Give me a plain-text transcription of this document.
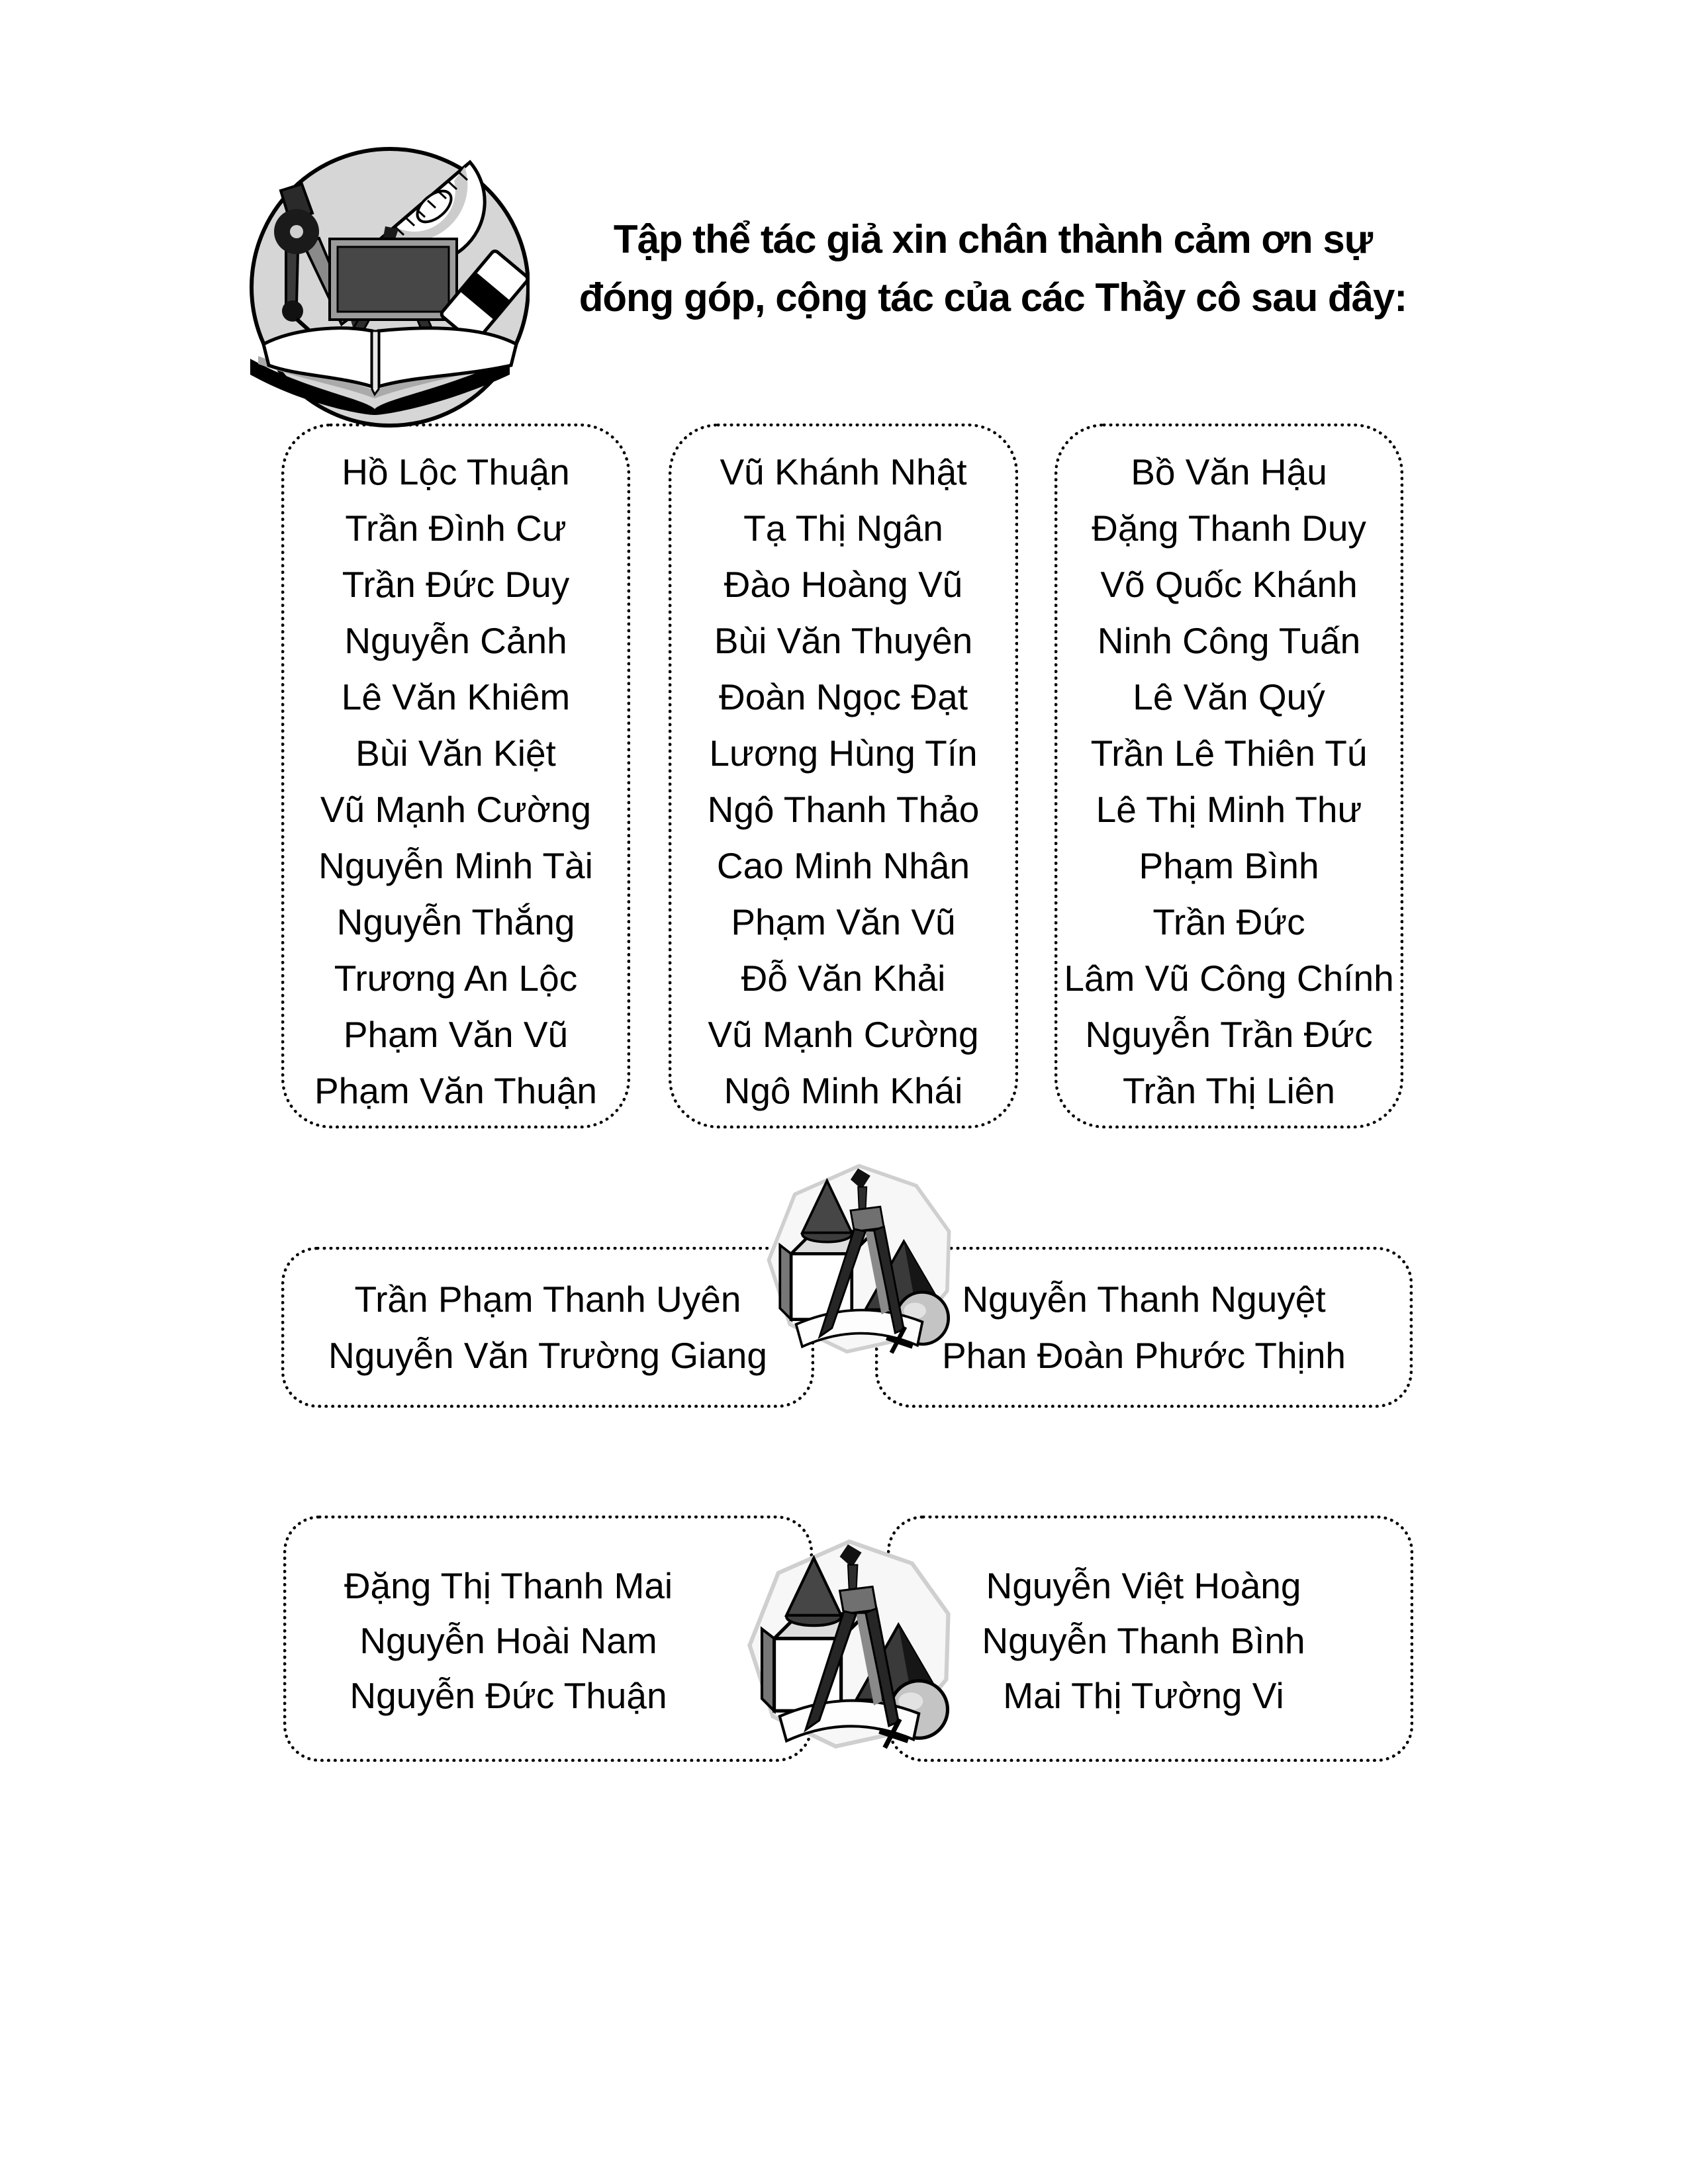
Tập thể tác giả xin chân thành cảm ơn sự
đóng góp, cộng tác của các Thầy cô sau đây:
Hồ Lộc Thuận
Trần Đình Cư
Trần Đức Duy
Nguyễn Cảnh
Lê Văn Khiêm
Bùi Văn Kiệt
Vũ Mạnh Cường
Nguyễn Minh Tài
Nguyễn Thắng
Trương An Lộc
Phạm Văn Vũ
Phạm Văn Thuận
Vũ Khánh Nhật
Tạ Thị Ngân
Đào Hoàng Vũ
Bùi Văn Thuyên
Đoàn Ngọc Đạt
Lương Hùng Tín
Ngô Thanh Thảo
Cao Minh Nhân
Phạm Văn Vũ
Đỗ Văn Khải
Vũ Mạnh Cường
Ngô Minh Khái
Bồ Văn Hậu
Đặng Thanh Duy
Võ Quốc Khánh
Ninh Công Tuấn
Lê Văn Quý
Trần Lê Thiên Tú
Lê Thị Minh Thư
Phạm Bình
Trần Đức
Lâm Vũ Công Chính
Nguyễn Trần Đức
Trần Thị Liên
Trần Phạm Thanh Uyên
Nguyễn Văn Trường Giang
Nguyễn Thanh Nguyệt
Phan Đoàn Phước Thịnh
Đặng Thị Thanh Mai
Nguyễn Hoài Nam
Nguyễn Đức Thuận
Nguyễn Việt Hoàng
Nguyễn Thanh Bình
Mai Thị Tường Vi
